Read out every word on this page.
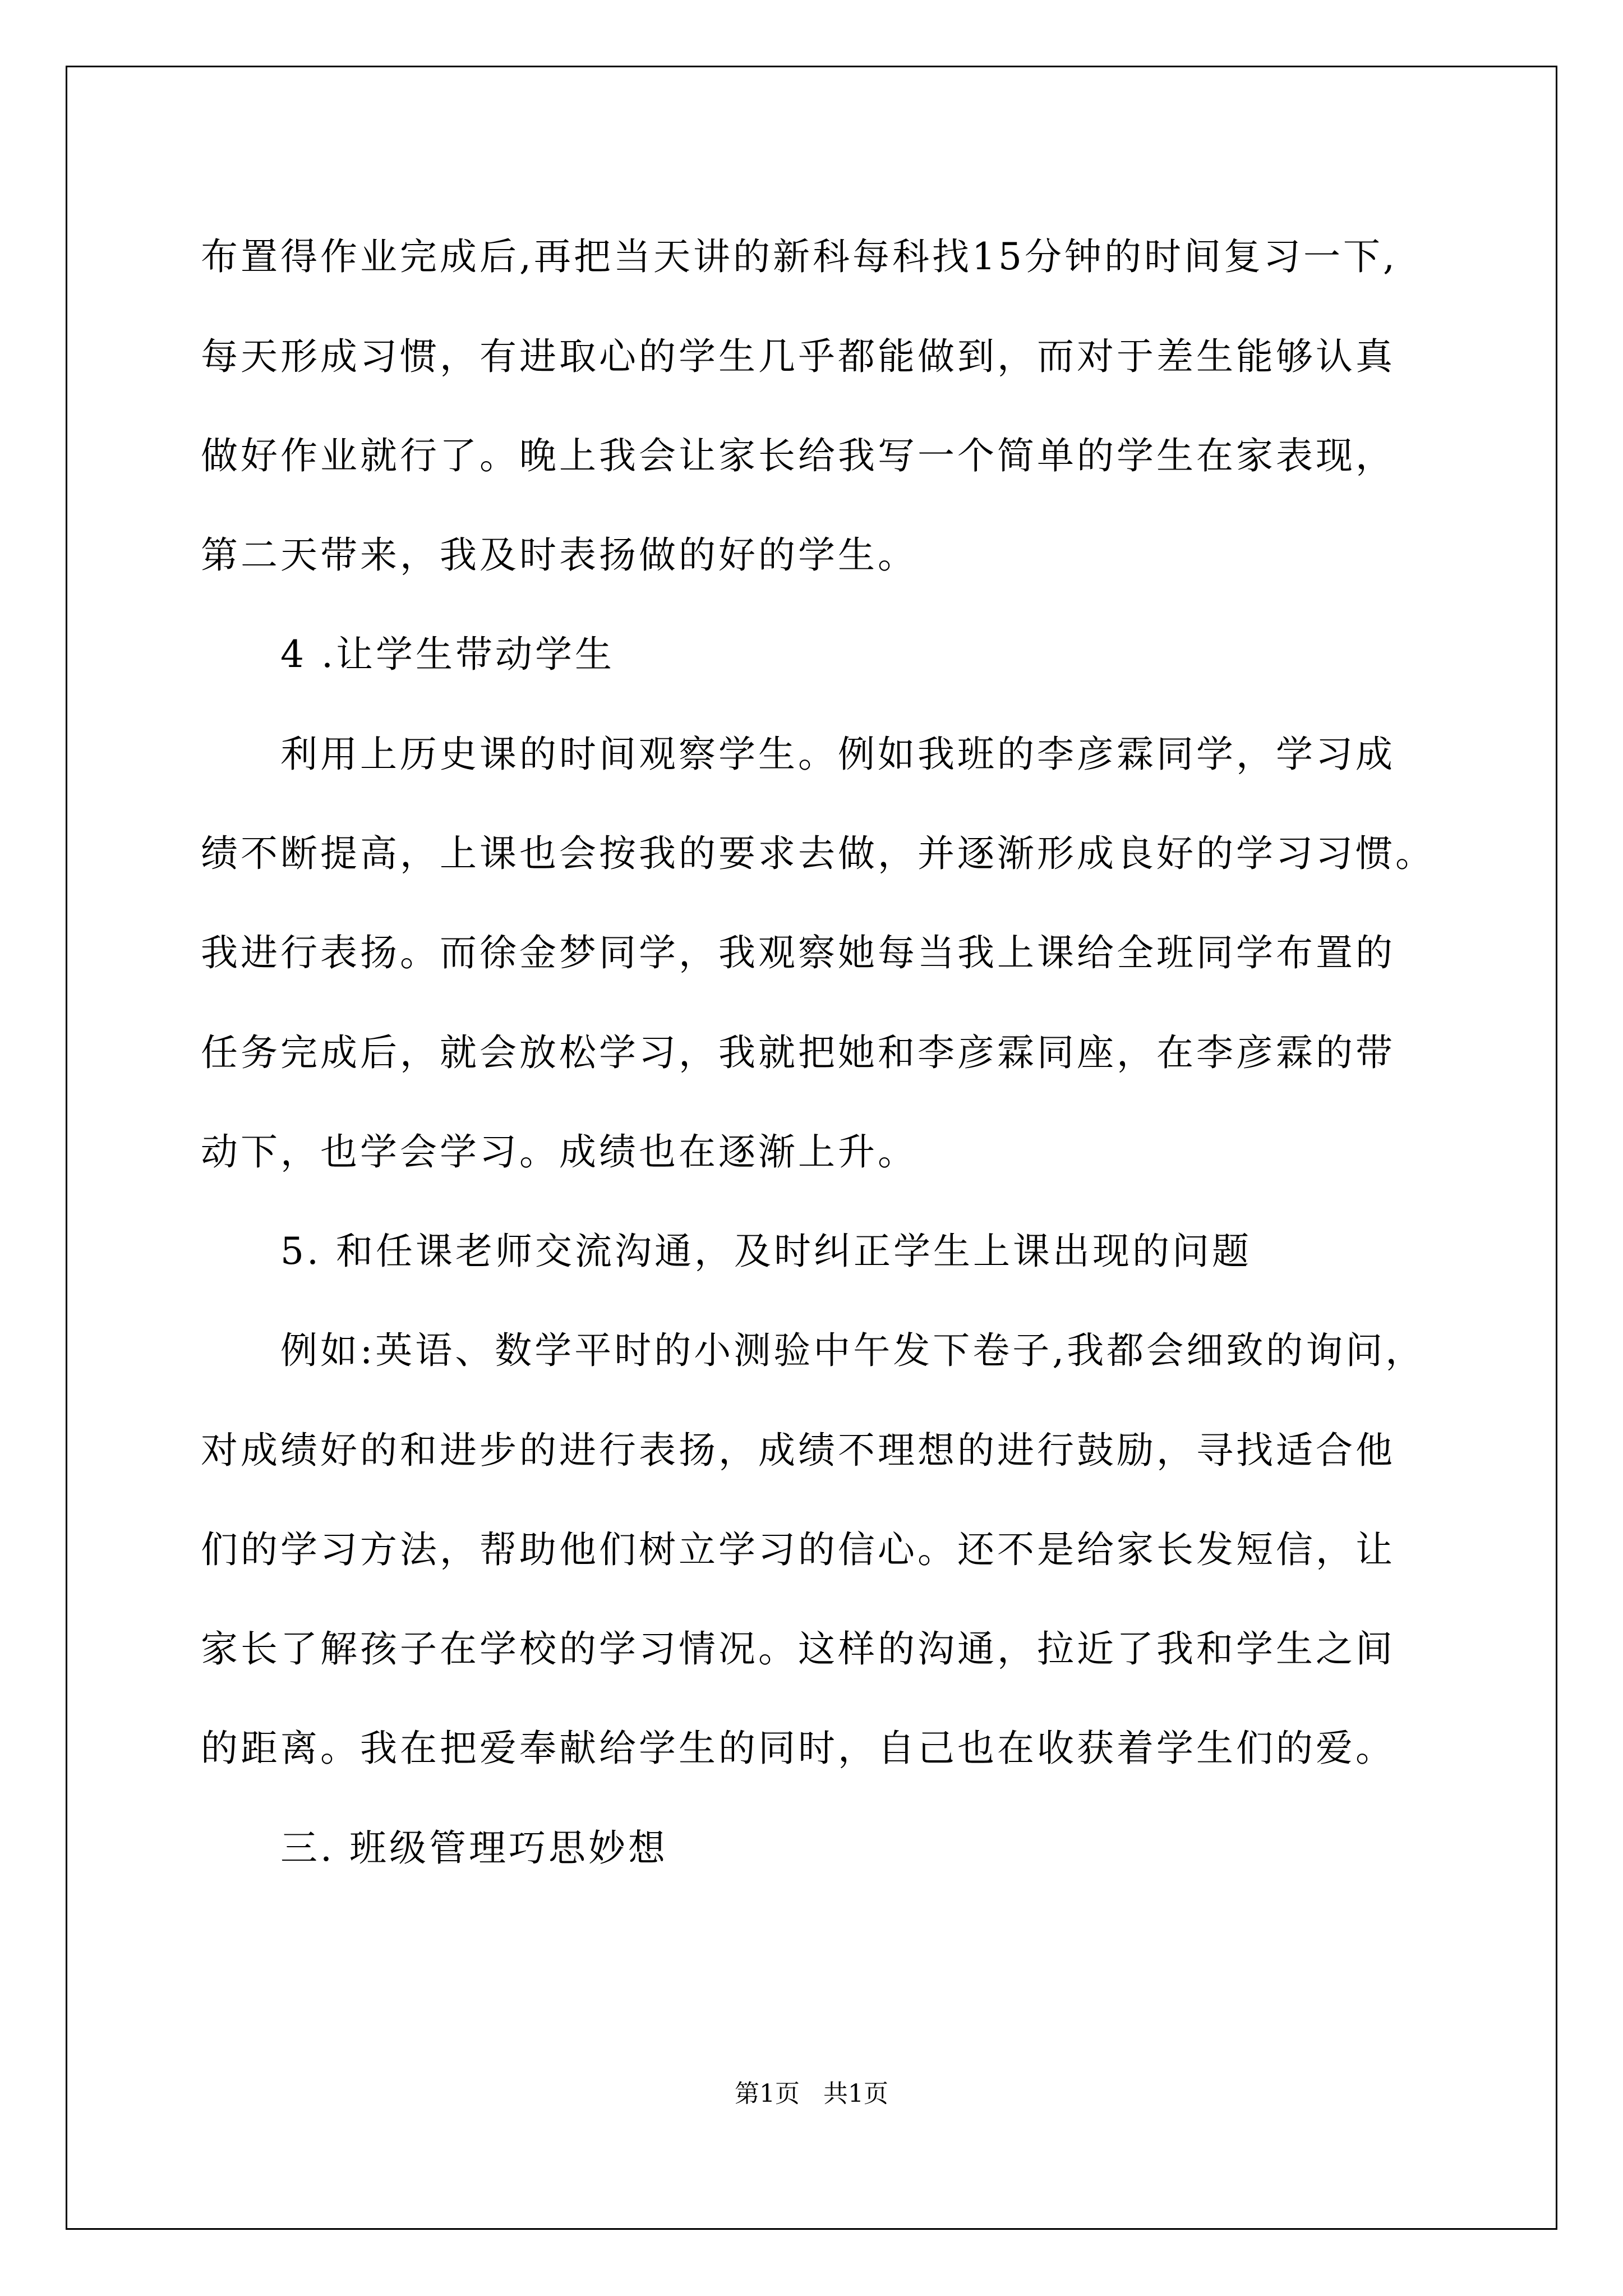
布置得作业完成后,再把当天讲的新科每科找15分钟的时间复习一下,
每天形成习惯，有进取心的学生几乎都能做到，而对于差生能够认真
做好作业就行了。晚上我会让家长给我写一个简单的学生在家表现，
第二天带来，我及时表扬做的好的学生。
4 .让学生带动学生
利用上历史课的时间观察学生。例如我班的李彦霖同学，学习成
绩不断提高，上课也会按我的要求去做，并逐渐形成良好的学习习惯。
我进行表扬。而徐金梦同学，我观察她每当我上课给全班同学布置的
任务完成后，就会放松学习，我就把她和李彦霖同座，在李彦霖的带
动下，也学会学习。成绩也在逐渐上升。
5. 和任课老师交流沟通，及时纠正学生上课出现的问题
例如:英语、数学平时的小测验中午发下卷子,我都会细致的询问，
对成绩好的和进步的进行表扬，成绩不理想的进行鼓励，寻找适合他
们的学习方法，帮助他们树立学习的信心。还不是给家长发短信，让
家长了解孩子在学校的学习情况。这样的沟通，拉近了我和学生之间
的距离。我在把爱奉献给学生的同时，自己也在收获着学生们的爱。
三. 班级管理巧思妙想
第1页   共1页
